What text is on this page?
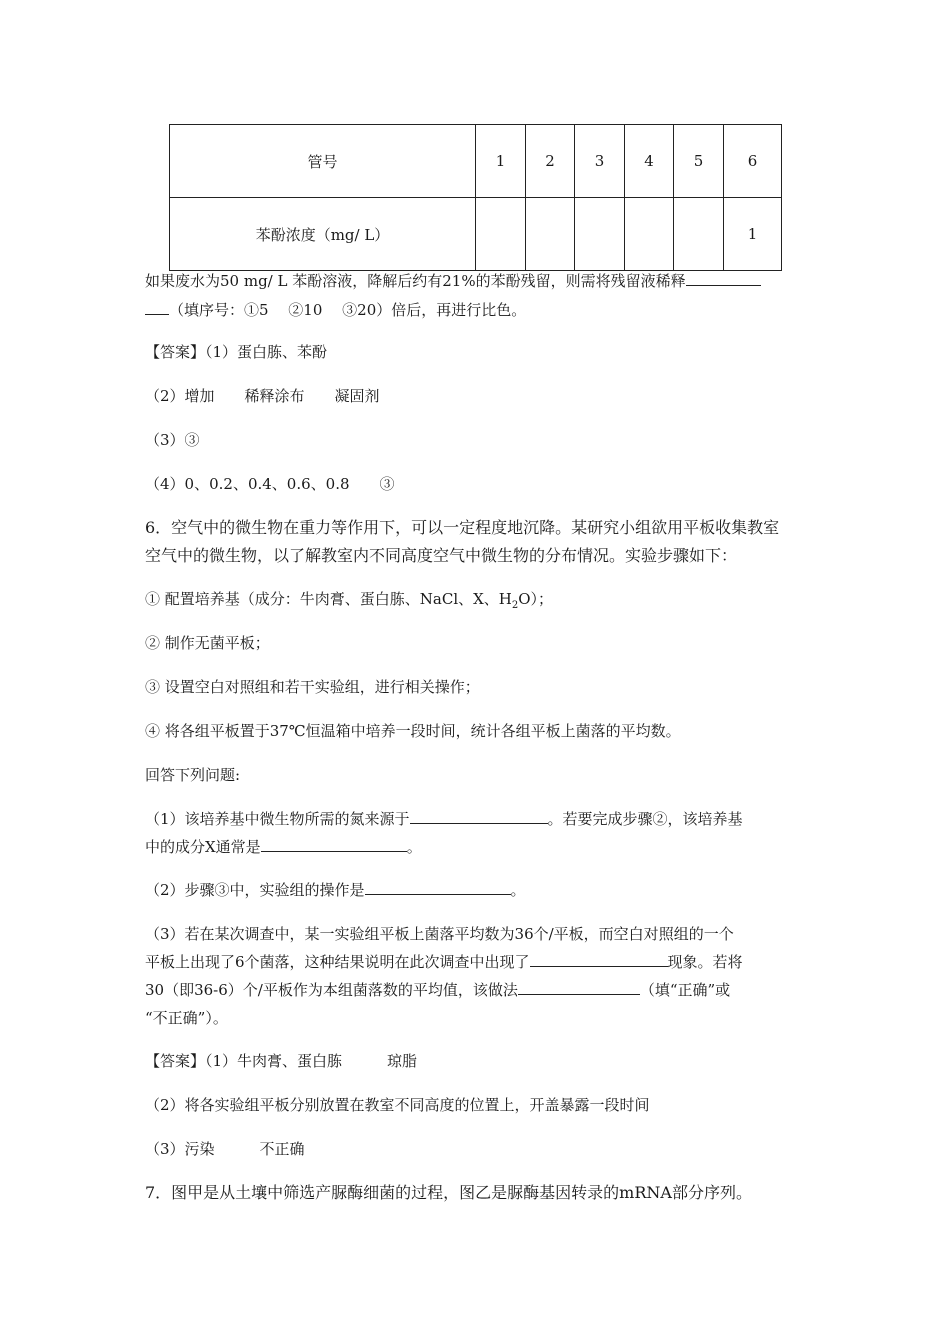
管号	1	2	3	4	5	6
苯酚浓度（mg/ L）						1
如果废水为50 mg/ L 苯酚溶液，降解后约有21%的苯酚残留，则需将残留液稀释
（填序号：①5　 ②10　 ③20）倍后，再进行比色。
【答案】（1）蛋白胨、苯酚
（2）增加　　稀释涂布　　凝固剂
（3）③
（4）0、0.2、0.4、0.6、0.8　　③
6．空气中的微生物在重力等作用下，可以一定程度地沉降。某研究小组欲用平板收集教室
空气中的微生物，以了解教室内不同高度空气中微生物的分布情况。实验步骤如下：
① 配置培养基（成分：牛肉膏、蛋白胨、NaCl、X、$H_2O$）；
② 制作无菌平板；
③ 设置空白对照组和若干实验组，进行相关操作；
④ 将各组平板置于37℃恒温箱中培养一段时间，统计各组平板上菌落的平均数。
回答下列问题:
（1）该培养基中微生物所需的氮来源于	。若要完成步骤②，该培养基
中的成分X通常是	。
（2）步骤③中，实验组的操作是	。
（3）若在某次调查中，某一实验组平板上菌落平均数为36个/平板，而空白对照组的一个
平板上出现了6个菌落，这种结果说明在此次调查中出现了	现象。若将
30（即36-6）个/平板作为本组菌落数的平均值，该做法	（填“正确”或
“不正确”）。
【答案】（1）牛肉膏、蛋白胨　　　琼脂
（2）将各实验组平板分别放置在教室不同高度的位置上，开盖暴露一段时间
（3）污染　　　不正确
7．图甲是从土壤中筛选产脲酶细菌的过程，图乙是脲酶基因转录的mRNA部分序列。
